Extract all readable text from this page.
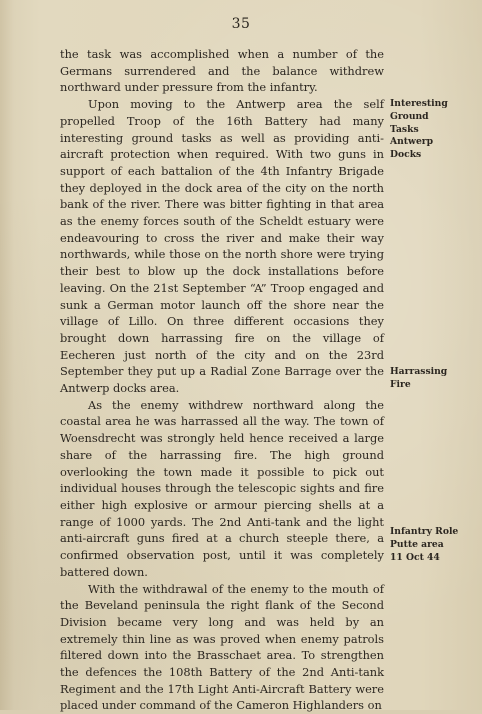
35

the task was accomplished when a number of the Germans surrendered and the balance withdrew northward under pressure from the infantry.

Upon moving to the Antwerp area the self propelled Troop of the 16th Battery had many interesting ground tasks as well as providing anti-aircraft protection when required. With two guns in support of each battalion of the 4th Infantry Brigade they deployed in the dock area of the city on the north bank of the river. There was bitter fighting in that area as the enemy forces south of the Scheldt estuary were endeavouring to cross the river and make their way northwards, while those on the north shore were trying their best to blow up the dock installations before leaving. On the 21st September “A” Troop engaged and sunk a German motor launch off the shore near the village of Lillo. On three different occasions they brought down harrassing fire on the village of Eecheren just north of the city and on the 23rd September they put up a Radial Zone Barrage over the Antwerp docks area.

As the enemy withdrew northward along the coastal area he was harrassed all the way. The town of Woensdrecht was strongly held hence received a large share of the harrassing fire. The high ground overlooking the town made it possible to pick out individual houses through the telescopic sights and fire either high explosive or armour piercing shells at a range of 1000 yards. The 2nd Anti-tank and the light anti-aircraft guns fired at a church steeple there, a confirmed observation post, until it was completely battered down.

With the withdrawal of the enemy to the mouth of the Beveland peninsula the right flank of the Second Division became very long and was held by an extremely thin line as was proved when enemy patrols filtered down into the Brasschaet area. To strengthen the defences the 108th Battery of the 2nd Anti-tank Regiment and the 17th Light Anti-Aircraft Battery were placed under command of the Cameron Highlanders on

Interesting
Ground
Tasks
Antwerp
Docks
Harrassing
Fire
Infantry Role
Putte area
11 Oct 44
